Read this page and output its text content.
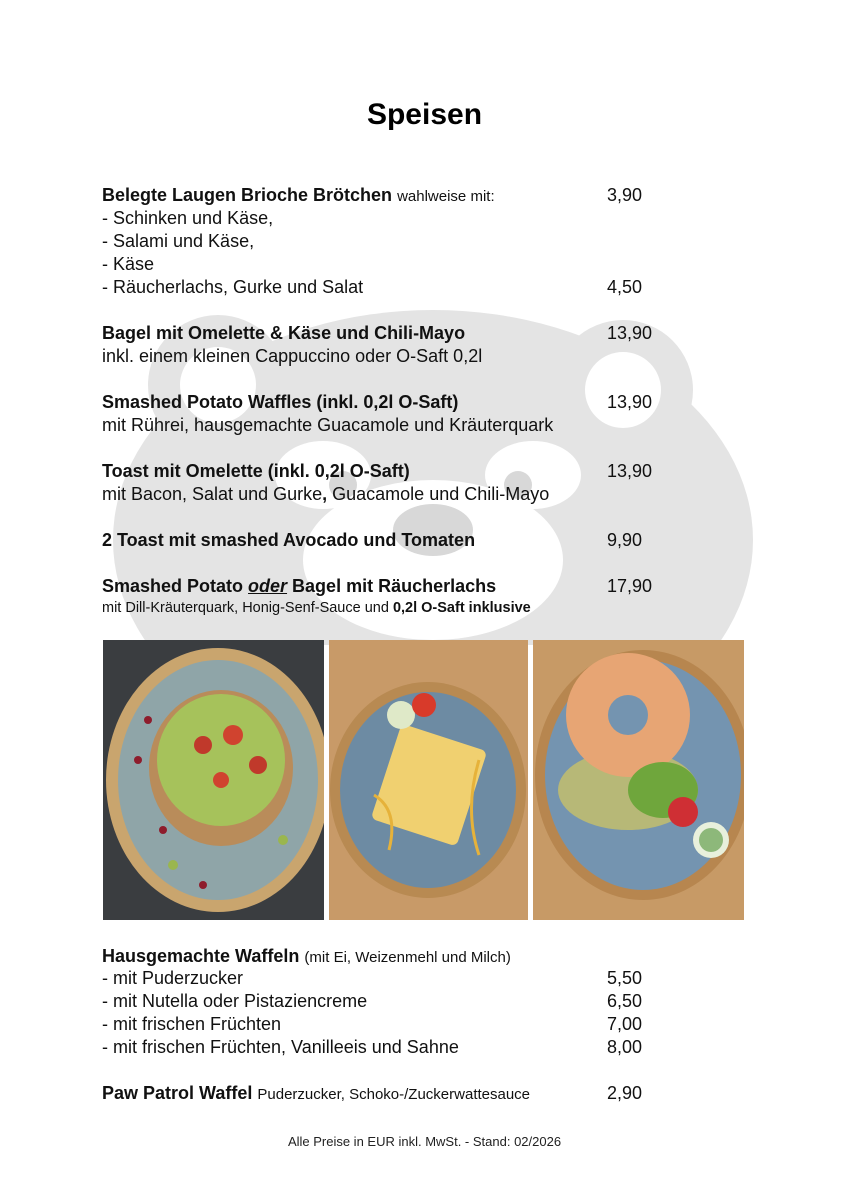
Speisen
Belegte Laugen Brioche Brötchen wahlweise mit:	3,90
- Schinken und Käse,
- Salami und Käse,
- Käse
- Räucherlachs, Gurke und Salat	4,50
Bagel mit Omelette & Käse und Chili-Mayo	13,90
inkl. einem kleinen Cappuccino oder O-Saft 0,2l
Smashed Potato Waffles (inkl. 0,2l O-Saft)	13,90
mit Rührei, hausgemachte Guacamole und Kräuterquark
Toast mit Omelette (inkl. 0,2l O-Saft)	13,90
mit Bacon, Salat und Gurke, Guacamole und Chili-Mayo
2 Toast mit smashed Avocado und Tomaten	9,90
Smashed Potato oder Bagel mit Räucherlachs	17,90
mit Dill-Kräuterquark, Honig-Senf-Sauce und 0,2l O-Saft inklusive
Hausgemachte Waffeln (mit Ei, Weizenmehl und Milch)
- mit Puderzucker	5,50
- mit Nutella oder Pistaziencreme	6,50
- mit frischen Früchten	7,00
- mit frischen Früchten, Vanilleeis und Sahne	8,00
Paw Patrol Waffel Puderzucker, Schoko-/Zuckerwattesauce	2,90
Alle Preise in EUR inkl. MwSt. - Stand: 02/2026
